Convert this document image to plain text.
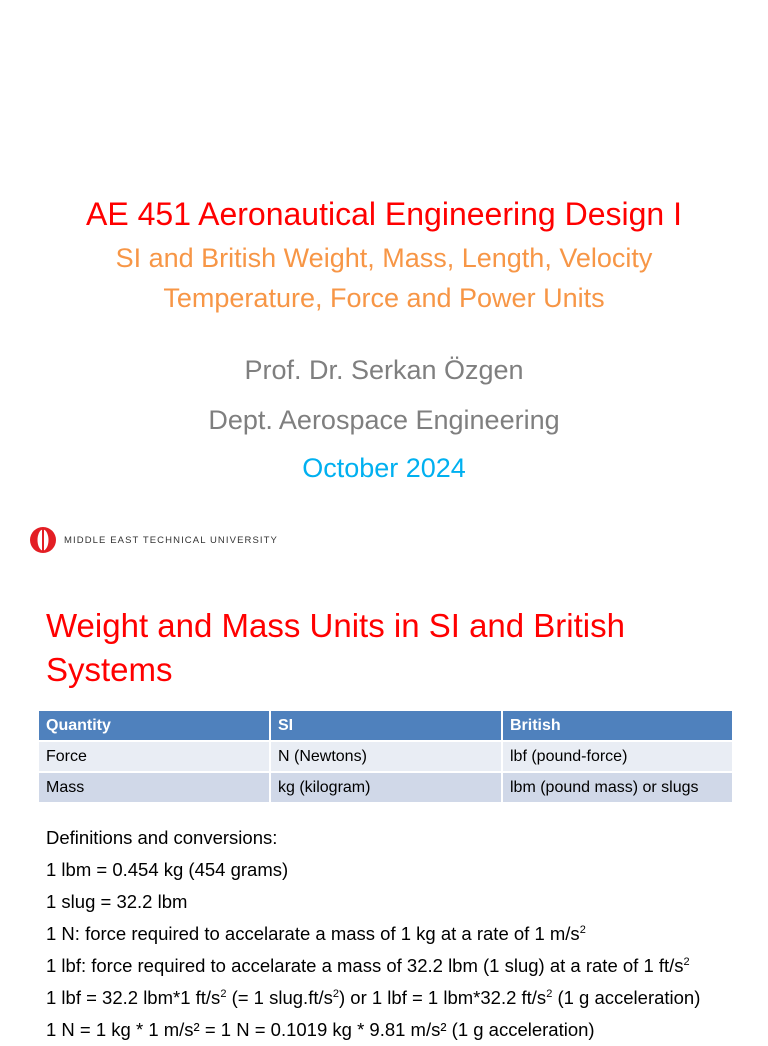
AE 451 Aeronautical Engineering Design I
SI and British Weight, Mass, Length, Velocity
Temperature, Force and Power Units
Prof. Dr. Serkan Özgen
Dept. Aerospace Engineering
October 2024
MIDDLE EAST TECHNICAL UNIVERSITY
Weight and Mass Units in SI and British Systems
Quantity	SI	British
Force	N (Newtons)	lbf (pound-force)
Mass	kg (kilogram)	lbm (pound mass) or slugs
Definitions and conversions:
1 lbm = 0.454 kg (454 grams)
1 slug = 32.2 lbm
1 N: force required to accelarate a mass of 1 kg at a rate of 1 $m/s^2$
1 lbf: force required to accelarate a mass of 32.2 lbm (1 slug) at a rate of 1 $ft/s^2$
1 lbf = 32.2 lbm*1 $ft/s^2$ (= 1 $slug.ft/s^2$) or 1 lbf = 1 lbm*32.2 $ft/s^2$ (1 g acceleration)
1 N = 1 kg * 1 m/s² = 1 N = 0.1019 kg * 9.81 m/s² (1 g acceleration)
